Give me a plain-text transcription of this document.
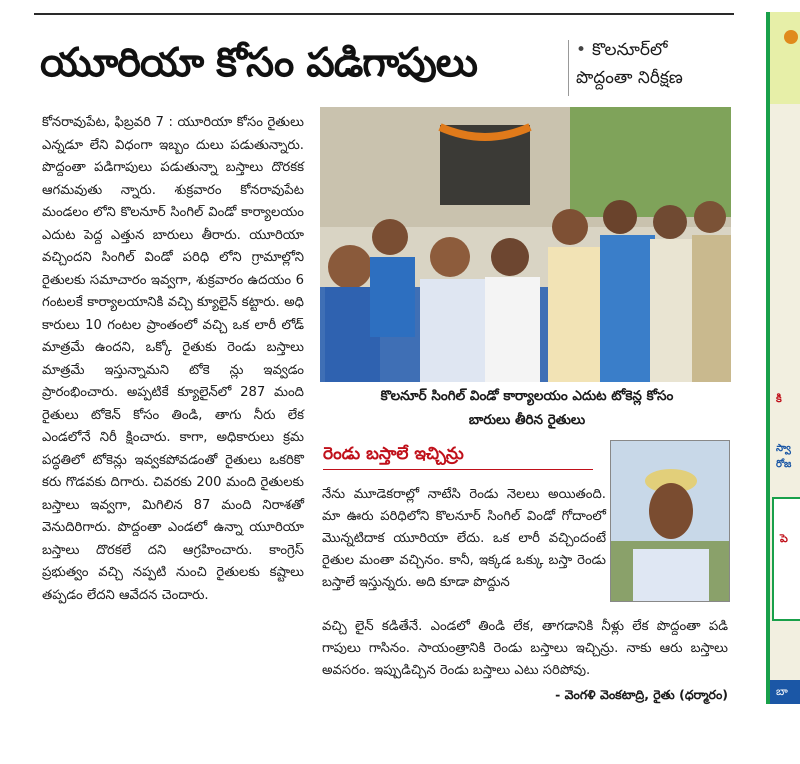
యూరియా కోసం పడిగాపులు	• కొలనూర్‌లో
పొద్దంతా నిరీక్షణ

కోనరావుపేట, ఫిబ్రవరి 7 : యూరియా కోసం రైతులు ఎన్నడూ లేని విధంగా ఇబ్బం దులు పడుతున్నారు. పొద్దంతా పడిగాపులు పడుతున్నా బస్తాలు దొరకక ఆగమవుతు న్నారు. శుక్రవారం కోనరావుపేట మండలం లోని కొలనూర్ సింగిల్ విండో కార్యాలయం ఎదుట పెద్ద ఎత్తున బారులు తీరారు. యూరియా వచ్చిందని సింగిల్ విండో పరిధి లోని గ్రామాల్లోని రైతులకు సమాచారం ఇవ్వగా, శుక్రవారం ఉదయం 6 గంటలకే కార్యాలయానికి వచ్చి క్యూలైన్ కట్టారు. అధి కారులు 10 గంటల ప్రాంతంలో వచ్చి ఒక లారీ లోడ్ మాత్రమే ఉందని, ఒక్కో రైతుకు రెండు బస్తాలు మాత్రమే ఇస్తున్నామని టోకె న్లు ఇవ్వడం ప్రారంభించారు. అప్పటికే క్యూలైన్‌లో 287 మంది రైతులు టోకెన్ కోసం తిండి, తాగు నీరు లేక ఎండలోనే నిరీ క్షించారు. కాగా, అధికారులు క్రమ పద్ధతిలో టోకెన్లు ఇవ్వకపోవడంతో రైతులు ఒకరికొ కరు గొడవకు దిగారు. చివరకు 200 మంది రైతులకు బస్తాలు ఇవ్వగా, మిగిలిన 87 మంది నిరాశతో వెనుదిరిగారు. పొద్దంతా ఎండలో ఉన్నా యూరియా బస్తాలు దొరకలే దని ఆగ్రహించారు. కాంగ్రెస్ ప్రభుత్వం వచ్చి నప్పటి నుంచి రైతులకు కష్టాలు తప్పడం లేదని ఆవేదన చెందారు.

కొలనూర్ సింగిల్ విండో కార్యాలయం ఎదుట టోకెన్ల కోసం
బారులు తీరిన రైతులు
రెండు బస్తాలే ఇచ్చిన్రు

నేను మూడెకరాల్లో నాటేసి రెండు నెలలు అయితంది. మా ఊరు పరిధిలోని కొలనూర్ సింగిల్ విండో గోదాంలో మొన్నటిదాక యూరియా లేదు. ఒక లారీ వచ్చిందంటే రైతుల మంతా వచ్చినం. కానీ, ఇక్కడ ఒక్కు బస్తా రెండు బస్తాలే ఇస్తున్నరు. అది కూడా పొద్దున

వచ్చి లైన్ కడితేనే. ఎండలో తిండి లేక, తాగడానికి నీళ్లు లేక పొద్దంతా పడి గాపులు గాసినం. సాయంత్రానికి రెండు బస్తాలు ఇచ్చిన్రు. నాకు ఆరు బస్తాలు అవసరం. ఇప్పుడిచ్చిన రెండు బస్తాలు ఎటు సరిపోవు.

- వెంగళి వెంకటాద్రి, రైతు (ధర్మారం)
కి
స్వా
రోజ
పె
బా
